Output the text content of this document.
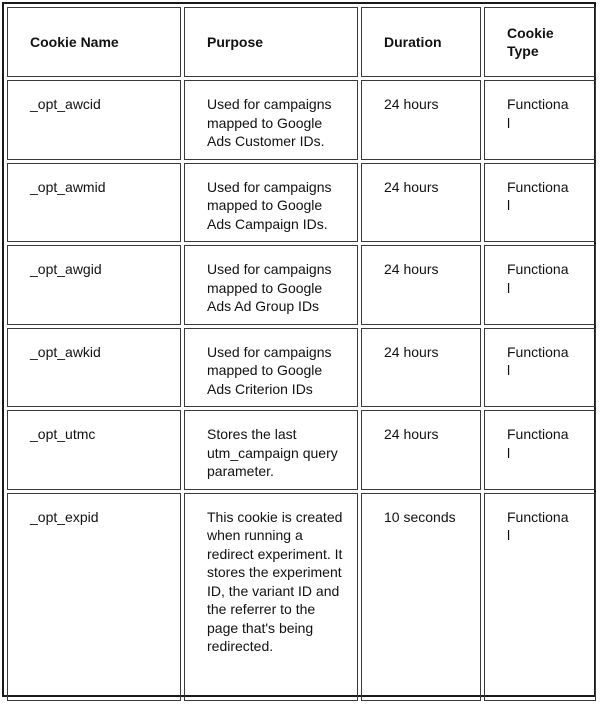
Cookie Name	Purpose	Duration	Cookie Type
_opt_awcid	Used for campaigns mapped to Google Ads Customer IDs.	24 hours	Functional
_opt_awmid	Used for campaigns mapped to Google Ads Campaign IDs.	24 hours	Functional
_opt_awgid	Used for campaigns mapped to Google Ads Ad Group IDs	24 hours	Functional
_opt_awkid	Used for campaigns mapped to Google Ads Criterion IDs	24 hours	Functional
_opt_utmc	Stores the last utm_campaign query parameter.	24 hours	Functional
_opt_expid	This cookie is created when running a redirect experiment. It stores the experiment ID, the variant ID and the referrer to the page that's being redirected.	10 seconds	Functional
